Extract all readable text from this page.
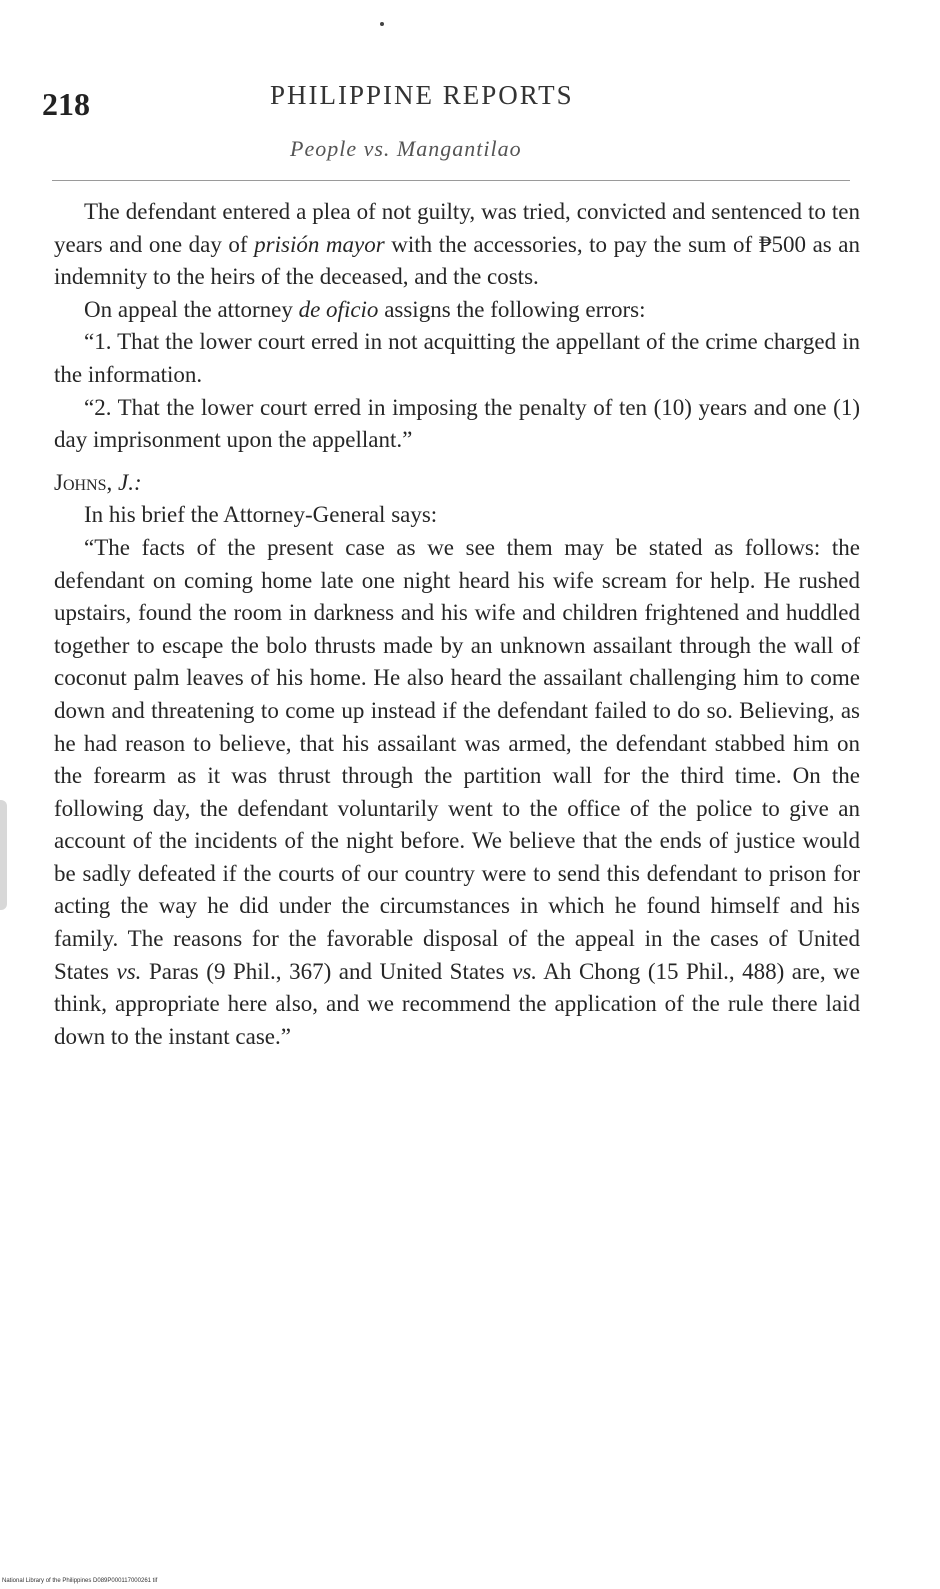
218	PHILIPPINE REPORTS
People vs. Mangantilao

The defendant entered a plea of not guilty, was tried, convicted and sentenced to ten years and one day of prisión mayor with the accessories, to pay the sum of ₱500 as an indemnity to the heirs of the deceased, and the costs.

On appeal the attorney de oficio assigns the following errors:

“1. That the lower court erred in not acquitting the appellant of the crime charged in the information.

“2. That the lower court erred in imposing the penalty of ten (10) years and one (1) day imprisonment upon the appellant.”

Johns, J.:

In his brief the Attorney-General says:

“The facts of the present case as we see them may be stated as follows: the defendant on coming home late one night heard his wife scream for help. He rushed upstairs, found the room in darkness and his wife and children frightened and huddled together to escape the bolo thrusts made by an unknown assailant through the wall of coconut palm leaves of his home. He also heard the assailant challenging him to come down and threatening to come up instead if the defendant failed to do so. Believing, as he had reason to believe, that his assailant was armed, the defendant stabbed him on the forearm as it was thrust through the partition wall for the third time. On the following day, the defendant voluntarily went to the office of the police to give an account of the incidents of the night before. We believe that the ends of justice would be sadly defeated if the courts of our country were to send this defendant to prison for acting the way he did under the circumstances in which he found himself and his family. The reasons for the favorable disposal of the appeal in the cases of United States vs. Paras (9 Phil., 367) and United States vs. Ah Chong (15 Phil., 488) are, we think, appropriate here also, and we recommend the application of the rule there laid down to the instant case.”

National Library of the Philippines D089P000117000261 tif
